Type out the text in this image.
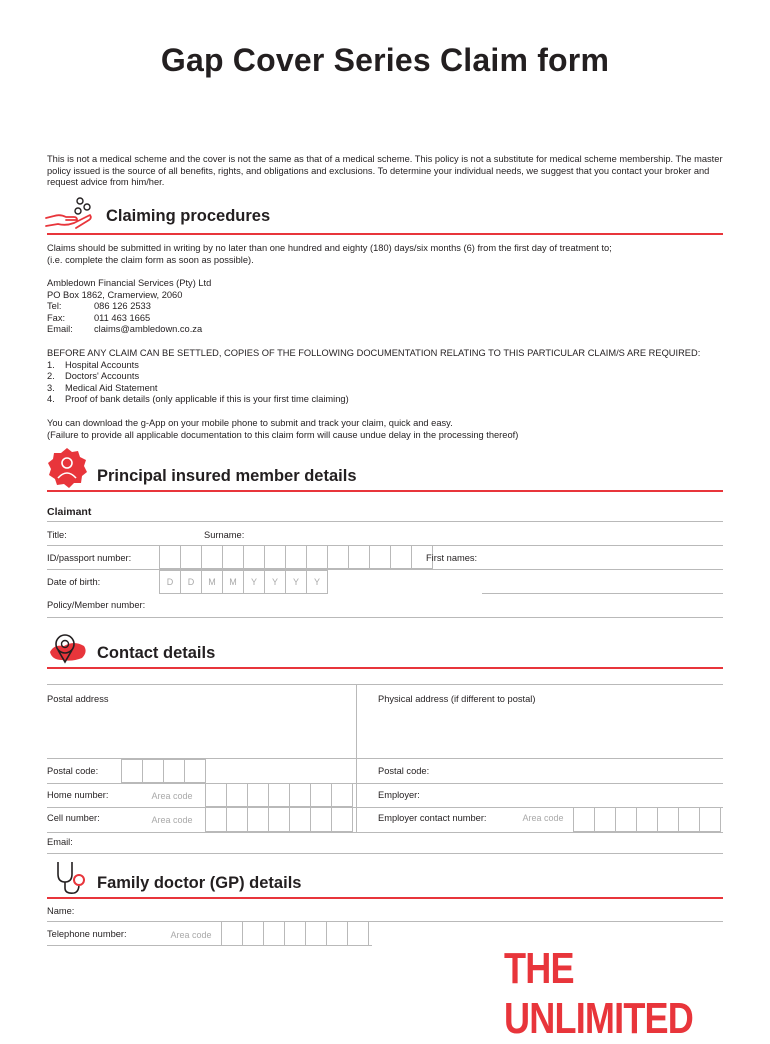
Gap Cover Series Claim form
This is not a medical scheme and the cover is not the same as that of a medical scheme. This policy is not a substitute for medical scheme membership. The master policy issued is the source of all benefits, rights, and obligations and exclusions. To determine your individual needs, we suggest that you contact your broker and request advice from him/her.
Claiming procedures
Claims should be submitted in writing by no later than one hundred and eighty (180) days/six months (6) from the first day of treatment to;
(i.e. complete the claim form as soon as possible).
Ambledown Financial Services (Pty) Ltd
PO Box 1862, Cramerview, 2060
Tel:	086 126 2533
Fax:	011 463 1665
Email:	claims@ambledown.co.za
BEFORE ANY CLAIM CAN BE SETTLED, COPIES OF THE FOLLOWING DOCUMENTATION RELATING TO THIS PARTICULAR CLAIM/S ARE REQUIRED:
1.	Hospital Accounts
2.	Doctors' Accounts
3.	Medical Aid Statement
4.	Proof of bank details (only applicable if this is your first time claiming)
You can download the g-App on your mobile phone to submit and track your claim, quick and easy.
(Failure to provide all applicable documentation to this claim form will cause undue delay in the processing thereof)
Principal insured member details
Claimant
Title:	Surname:
ID/passport number:	First names:
Date of birth:	D	D	M	M	Y	Y	Y	Y
Policy/Member number:
Contact details
Postal address	Physical address (if different to postal)
Postal code:	Postal code:
Home number:	Area code	Employer:
Cell number:	Area code	Employer contact number:	Area code
Email:
Family doctor (GP) details
Name:
Telephone number:	Area code
THE UNLIMITED
